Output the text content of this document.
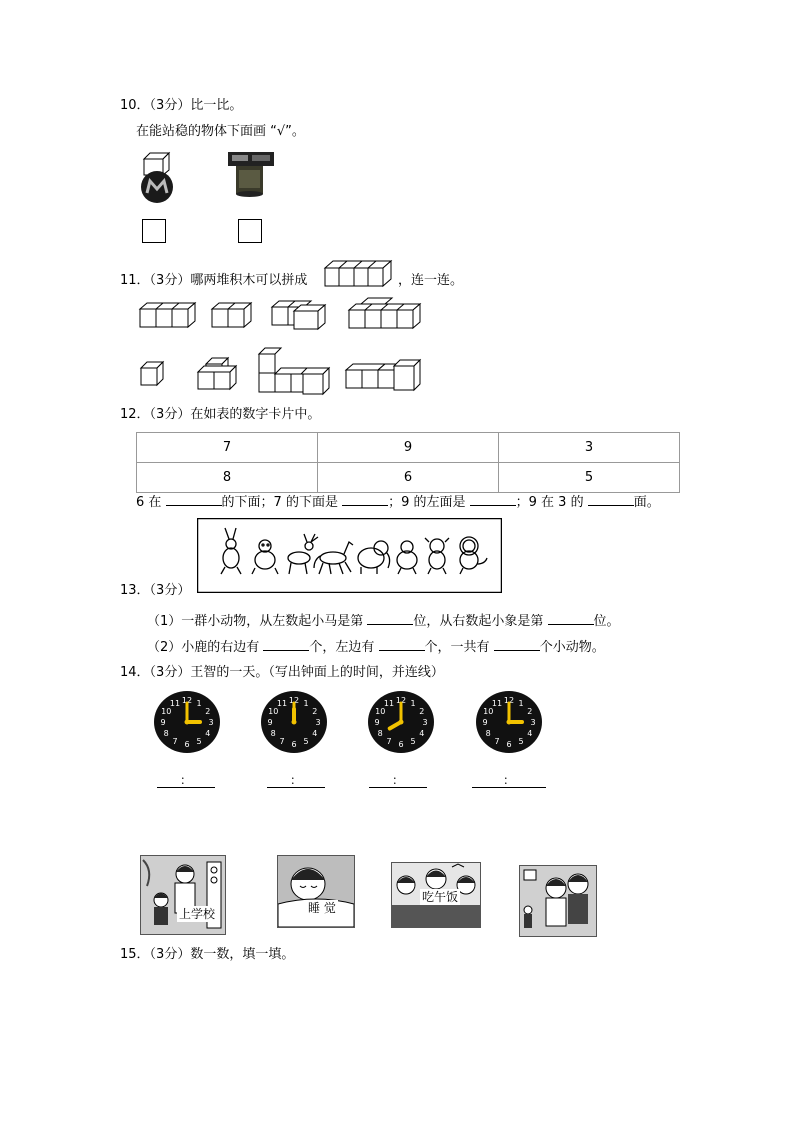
10．（3分）比一比。
在能站稳的物体下面画 “√”。
11．（3分）哪两堆积木可以拼成	，连一连。
12．（3分）在如表的数字卡片中。
7	9	3
8	6	5
6 在	的下面；7 的下面是	；9 的左面是	；9 在 3 的	面。
13．（3分）
（1）一群小动物，从左数起小马是第	位，从右数起小象是第	位。
（2）小鹿的右边有	个，左边有	个，一共有	个小动物。
14．（3分）王智的一天。（写出钟面上的时间，并连线）
12 1
2
3
4
5
6
7
8
9
10
11	12 1
2
3
4
5
6
7
8
9
10
11	12 1
2
3
4
5
6
7
8
9
10
11	12 1
2
3
4
5
6
7
8
9
10
11
：	：	：	：
上学校	睡 觉
吃午饭
15．（3分）数一数，填一填。
